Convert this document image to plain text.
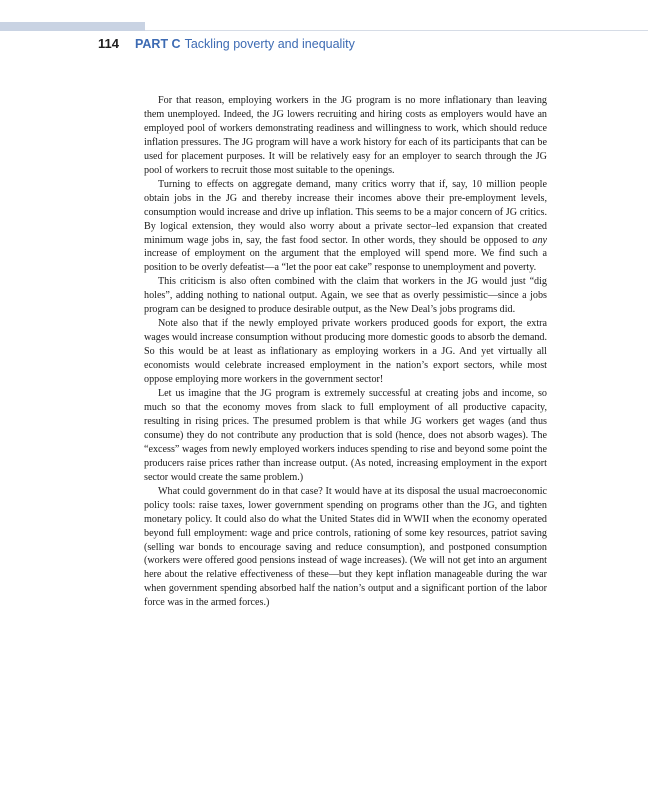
114 PART C Tackling poverty and inequality

For that reason, employing workers in the JG program is no more inflationary than leaving them unemployed. Indeed, the JG lowers recruiting and hiring costs as employers would have an employed pool of workers demonstrating readiness and willingness to work, which should reduce inflation pressures. The JG program will have a work history for each of its participants that can be used for placement purposes. It will be relatively easy for an employer to search through the JG pool of workers to recruit those most suitable to the openings.

Turning to effects on aggregate demand, many critics worry that if, say, 10 million people obtain jobs in the JG and thereby increase their incomes above their pre-employment levels, consumption would increase and drive up inflation. This seems to be a major concern of JG critics. By logical extension, they would also worry about a private sector–led expansion that created minimum wage jobs in, say, the fast food sector. In other words, they should be opposed to any increase of employment on the argument that the employed will spend more. We find such a position to be overly defeatist—a “let the poor eat cake” response to unemployment and poverty.

This criticism is also often combined with the claim that workers in the JG would just “dig holes”, adding nothing to national output. Again, we see that as overly pessimistic—since a jobs program can be designed to produce desirable output, as the New Deal’s jobs programs did.

Note also that if the newly employed private workers produced goods for export, the extra wages would increase consumption without producing more domestic goods to absorb the demand. So this would be at least as inflationary as employing workers in a JG. And yet virtually all economists would celebrate increased employment in the nation’s export sectors, while most oppose employing more workers in the government sector!

Let us imagine that the JG program is extremely successful at creating jobs and income, so much so that the economy moves from slack to full employment of all productive capacity, resulting in rising prices. The presumed problem is that while JG workers get wages (and thus consume) they do not contribute any production that is sold (hence, does not absorb wages). The “excess” wages from newly employed workers induces spending to rise and beyond some point the producers raise prices rather than increase output. (As noted, increasing employment in the export sector would create the same problem.)

What could government do in that case? It would have at its disposal the usual macroeconomic policy tools: raise taxes, lower government spending on programs other than the JG, and tighten monetary policy. It could also do what the United States did in WWII when the economy operated beyond full employment: wage and price controls, rationing of some key resources, patriot saving (selling war bonds to encourage saving and reduce consumption), and postponed consumption (workers were offered good pensions instead of wage increases). (We will not get into an argument here about the relative effectiveness of these—but they kept inflation manageable during the war when government spending absorbed half the nation’s output and a significant portion of the labor force was in the armed forces.)
